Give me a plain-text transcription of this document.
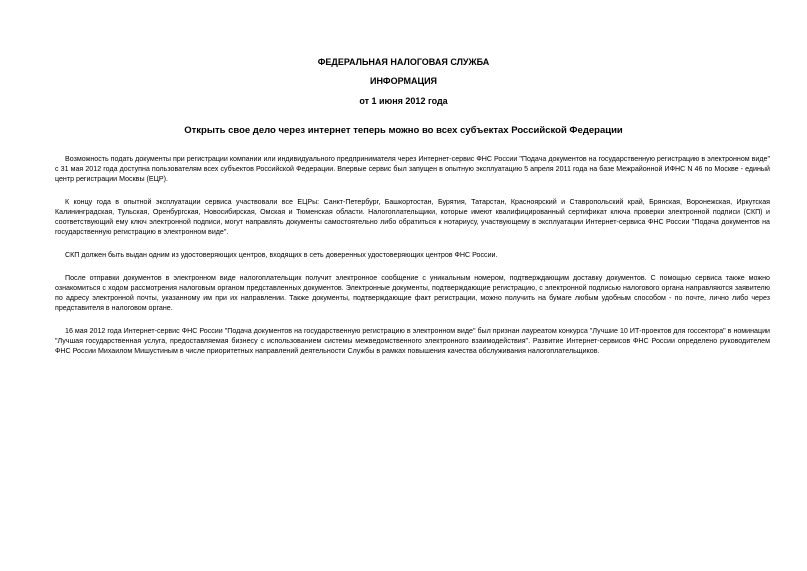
ФЕДЕРАЛЬНАЯ НАЛОГОВАЯ СЛУЖБА
ИНФОРМАЦИЯ
от 1 июня 2012 года
Открыть свое дело через интернет теперь можно во всех субъектах Российской Федерации

Возможность подать документы при регистрации компании или индивидуального предпринимателя через Интернет-сервис ФНС России "Подача документов на государственную регистрацию в электронном виде" с 31 мая 2012 года доступна пользователям всех субъектов Российской Федерации. Впервые сервис был запущен в опытную эксплуатацию 5 апреля 2011 года на базе Межрайонной ИФНС N 46 по Москве - единый центр регистрации Москвы (ЕЦР).

К концу года в опытной эксплуатации сервиса участвовали все ЕЦРы: Санкт-Петербург, Башкортостан, Бурятия, Татарстан, Красноярский и Ставропольский край, Брянская, Воронежская, Иркутская Калининградская, Тульская, Оренбургская, Новосибирская, Омская и Тюменская области. Налогоплательщики, которые имеют квалифицированный сертификат ключа проверки электронной подписи (СКП) и соответствующий ему ключ электронной подписи, могут направлять документы самостоятельно либо обратиться к нотариусу, участвующему в эксплуатации Интернет-сервиса ФНС России "Подача документов на государственную регистрацию в электронном виде".

СКП должен быть выдан одним из удостоверяющих центров, входящих в сеть доверенных удостоверяющих центров ФНС России.

После отправки документов в электронном виде налогоплательщик получит электронное сообщение с уникальным номером, подтверждающим доставку документов. С помощью сервиса также можно ознакомиться с ходом рассмотрения налоговым органом представленных документов. Электронные документы, подтверждающие регистрацию, с электронной подписью налогового органа направляются заявителю по адресу электронной почты, указанному им при их направлении. Также документы, подтверждающие факт регистрации, можно получить на бумаге любым удобным способом - по почте, лично либо через представителя в налоговом органе.

16 мая 2012 года Интернет-сервис ФНС России "Подача документов на государственную регистрацию в электронном виде" был признан лауреатом конкурса "Лучшие 10 ИТ-проектов для госсектора" в номинации "Лучшая государственная услуга, предоставляемая бизнесу с использованием системы межведомственного электронного взаимодействия". Развитие Интернет-сервисов ФНС России определено руководителем ФНС России Михаилом Мишустиным в числе приоритетных направлений деятельности Службы в рамках повышения качества обслуживания налогоплательщиков.
